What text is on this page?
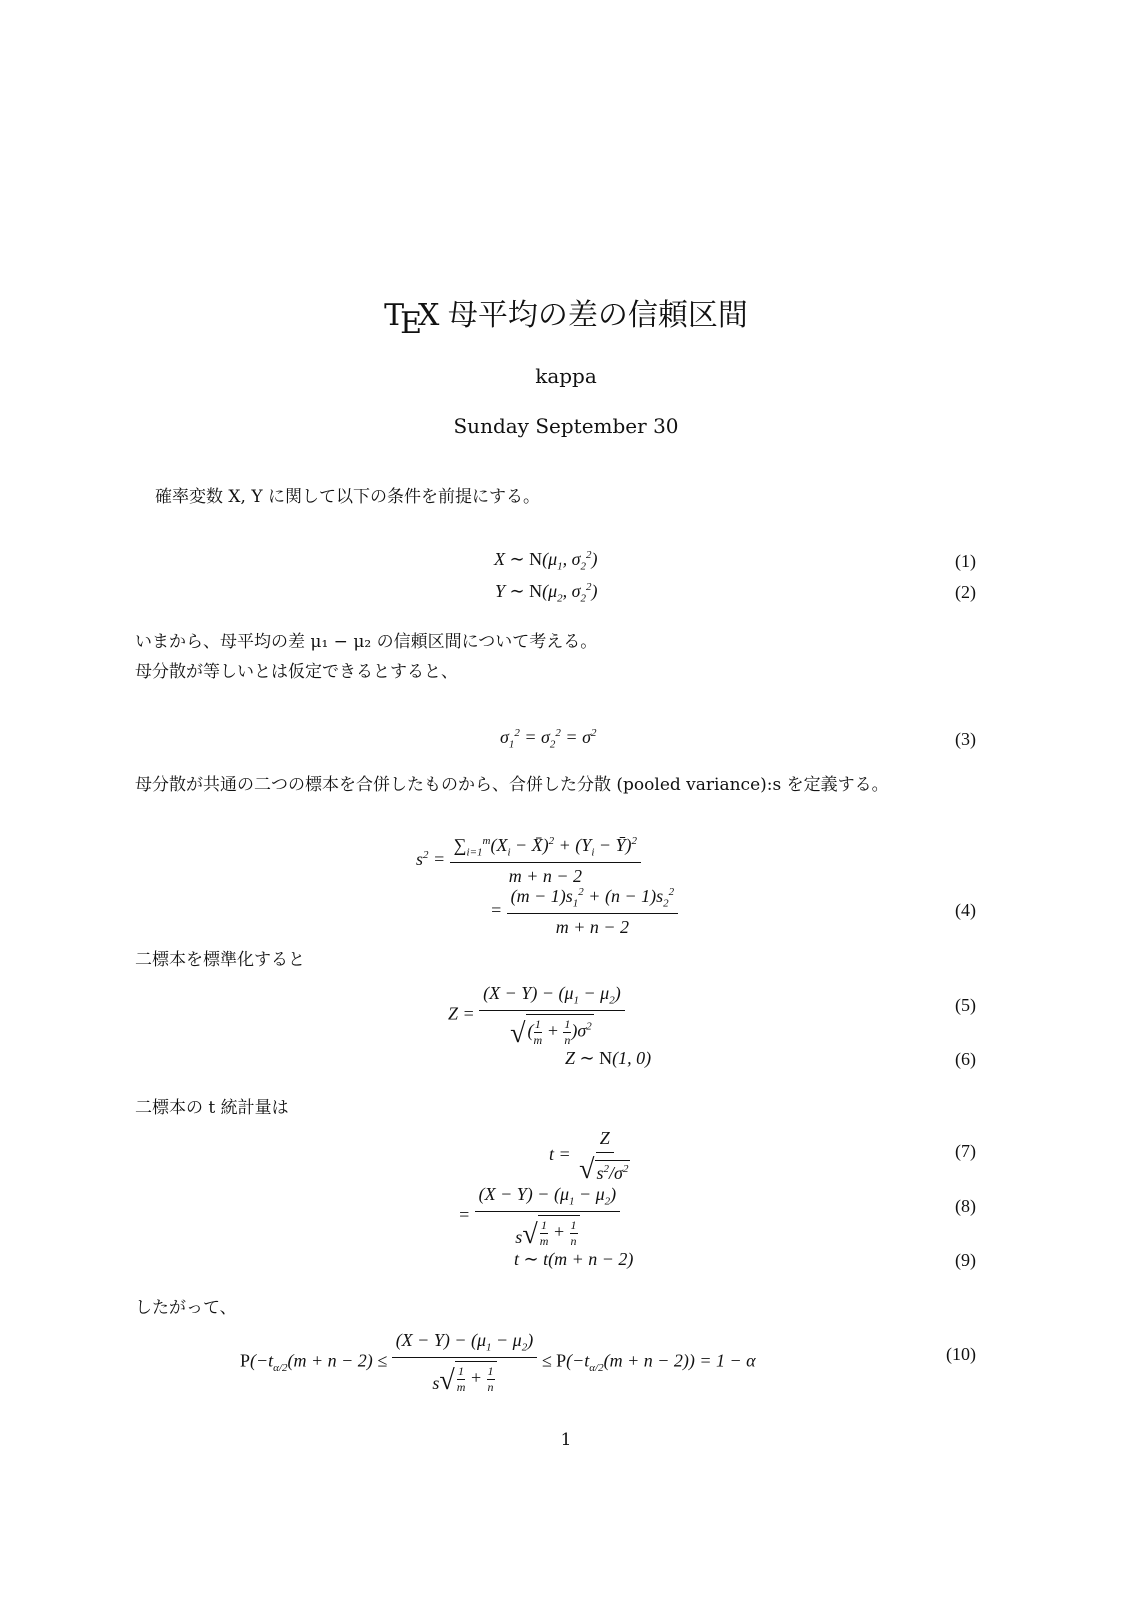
TEX 母平均の差の信頼区間
kappa
Sunday September 30
確率変数 X, Y に関して以下の条件を前提にする。
X ∼ $N(\mu_1$, $\sigma_2^2$)	(1)
Y ∼ $N(\mu_2$, $\sigma_2^2$)	(2)
いまから、母平均の差 μ₁ − μ₂ の信頼区間について考える。
母分散が等しいとは仮定できるとすると、
$\sigma_1^2 = \sigma_2^2 = \sigma^2$	(3)
母分散が共通の二つの標本を合併したものから、合併した分散 (pooled variance):s を定義する。
$s^2 = \frac{\sum_{i=1}^m(X_i - X̄)^2 + (Y_i - Ȳ)^2}{m + n - 2}$
= $\frac{(m - 1)s_1^2 + (n - 1)s_2^2}{m + n - 2}$	(4)
二標本を標準化すると
$Z = \frac{(X - Y) - (\mu_1 - \mu_2)}{√ ( \frac{1}{m} + \frac{1}{n} )\sigma^2}$	(5)
Z ∼ N(1, 0)	(6)
二標本の t 統計量は
$t = \frac{Z}{√ s^2/\sigma^2}$	(7)
= $\frac{(X - Y) - (\mu_1 - \mu_2)}{s √ \frac{1}{m} + \frac{1}{n}}$	(8)
t ∼ t(m + n − 2)	(9)
したがって、
$P(-t_{\alpha/2}(m + n - 2) \le \frac{(X - Y) - (\mu_1 - \mu_2)}{s √ \frac{1}{m} + \frac{1}{n}} \le P(-t_{\alpha/2}(m + n - 2)) = 1 - \alpha$	(10)
1
